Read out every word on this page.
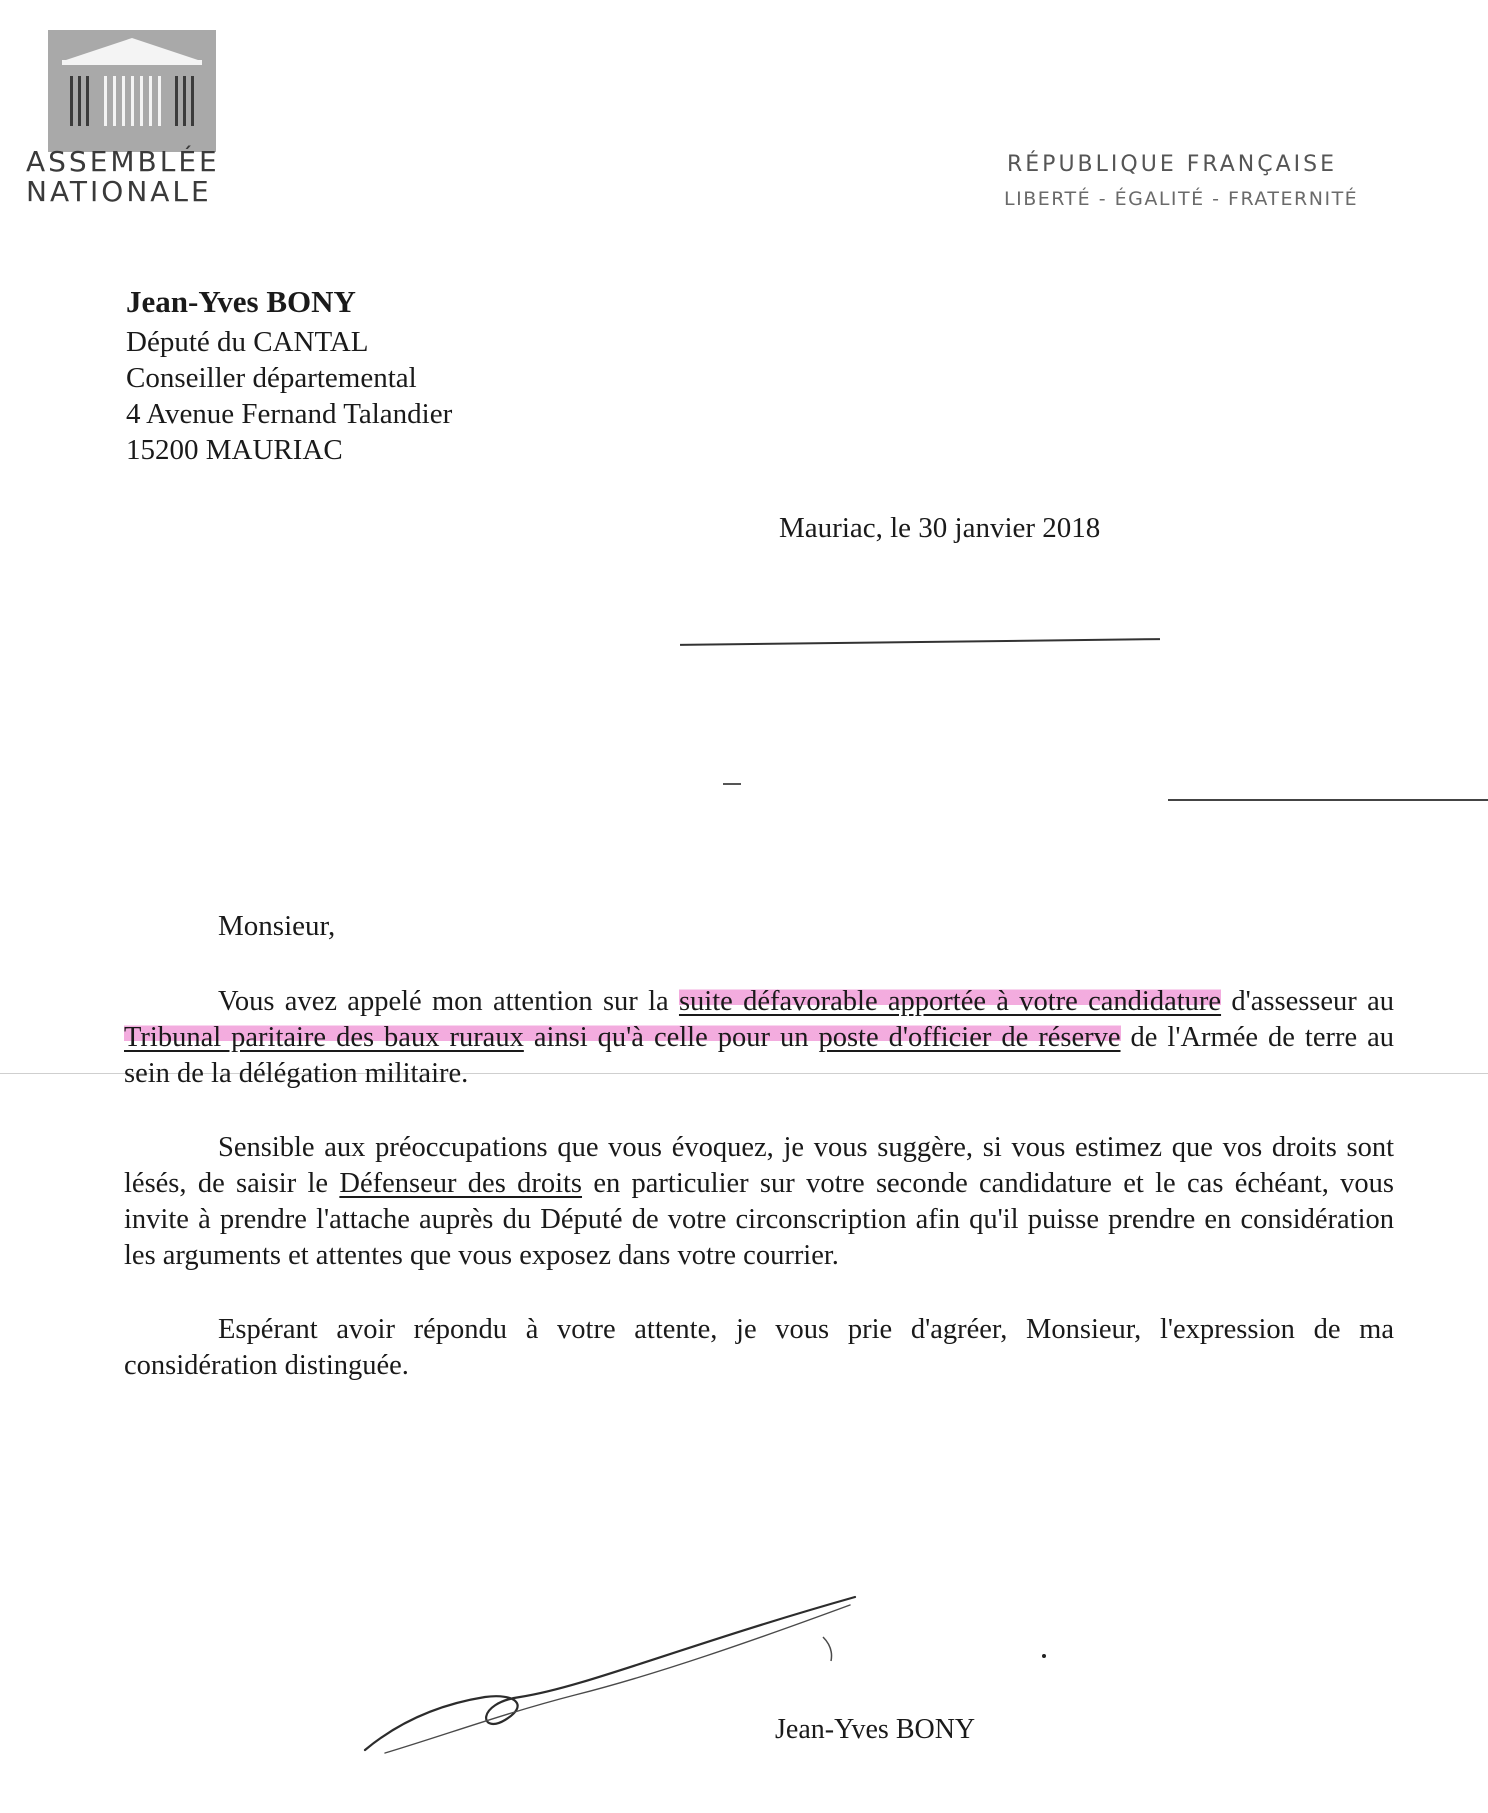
ASSEMBLÉE
NATIONALE
RÉPUBLIQUE FRANÇAISE
LIBERTÉ - ÉGALITÉ - FRATERNITÉ
Jean-Yves BONY
Député du CANTAL
Conseiller départemental
4 Avenue Fernand Talandier
15200 MAURIAC
Mauriac, le 30 janvier 2018
Monsieur,
Vous avez appelé mon attention sur la suite défavorable apportée à votre candidature d'assesseur au Tribunal paritaire des baux ruraux ainsi qu'à celle pour un poste d'officier de réserve de l'Armée de terre au sein de la délégation militaire.
Sensible aux préoccupations que vous évoquez, je vous suggère, si vous estimez que vos droits sont lésés, de saisir le Défenseur des droits en particulier sur votre seconde candidature et le cas échéant, vous invite à prendre l'attache auprès du Député de votre circonscription afin qu'il puisse prendre en considération les arguments et attentes que vous exposez dans votre courrier.
Espérant avoir répondu à votre attente, je vous prie d'agréer, Monsieur, l'expression de ma considération distinguée.
Jean-Yves BONY
